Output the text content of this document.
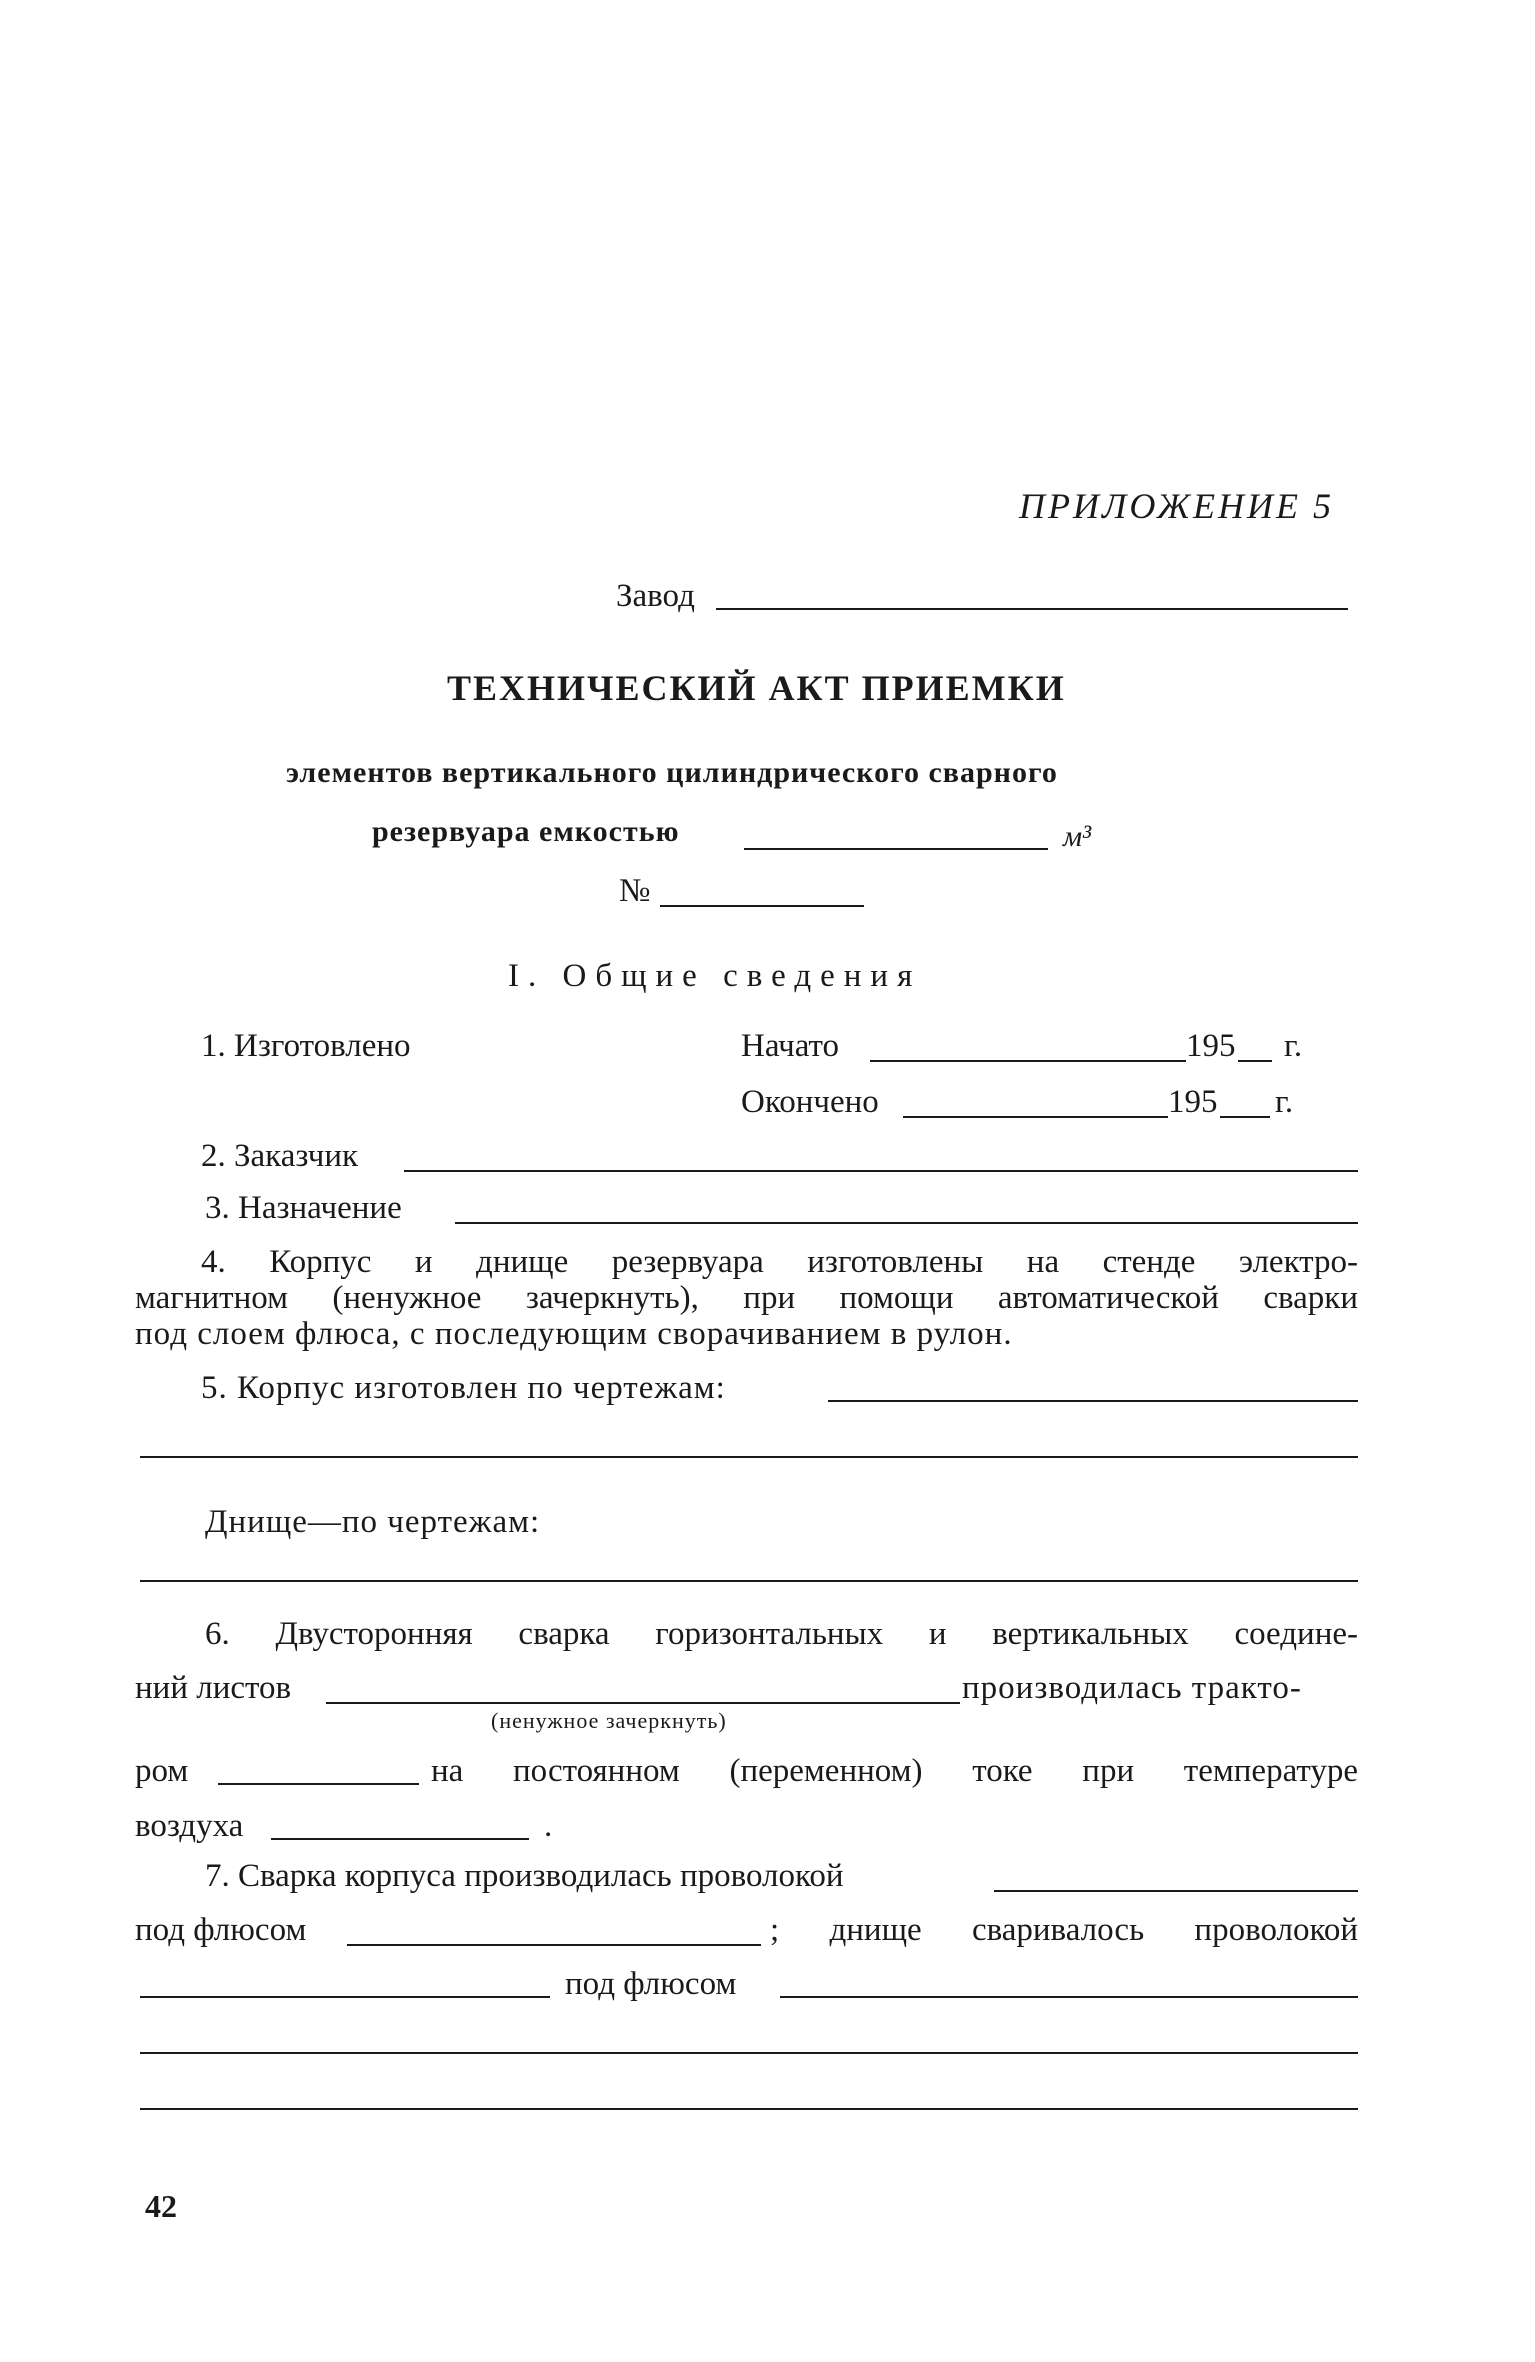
ПРИЛОЖЕНИЕ 5
Завод
ТЕХНИЧЕСКИЙ АКТ ПРИЕМКИ
элементов вертикального цилиндрического сварного
резервуара емкостью	м³
№
I. Общие сведения
1. Изготовлено	Начато	195 г.
Окончено	195 г.
2. Заказчик
3. Назначение
4. Корпус и днище резервуара изготовлены на стенде электро-
магнитном (ненужное зачеркнуть), при помощи автоматической сварки
под слоем флюса, с последующим сворачиванием в рулон.
5. Корпус изготовлен по чертежам:
Днище—по чертежам:
6. Двусторонняя сварка горизонтальных и вертикальных соедине-
ний листов	производилась тракто-
(ненужное зачеркнуть)
ром	на постоянном (переменном) токе при температуре
воздуха	.
7. Сварка корпуса производилась проволокой
под флюсом	; днище сваривалось проволокой
под флюсом
42
